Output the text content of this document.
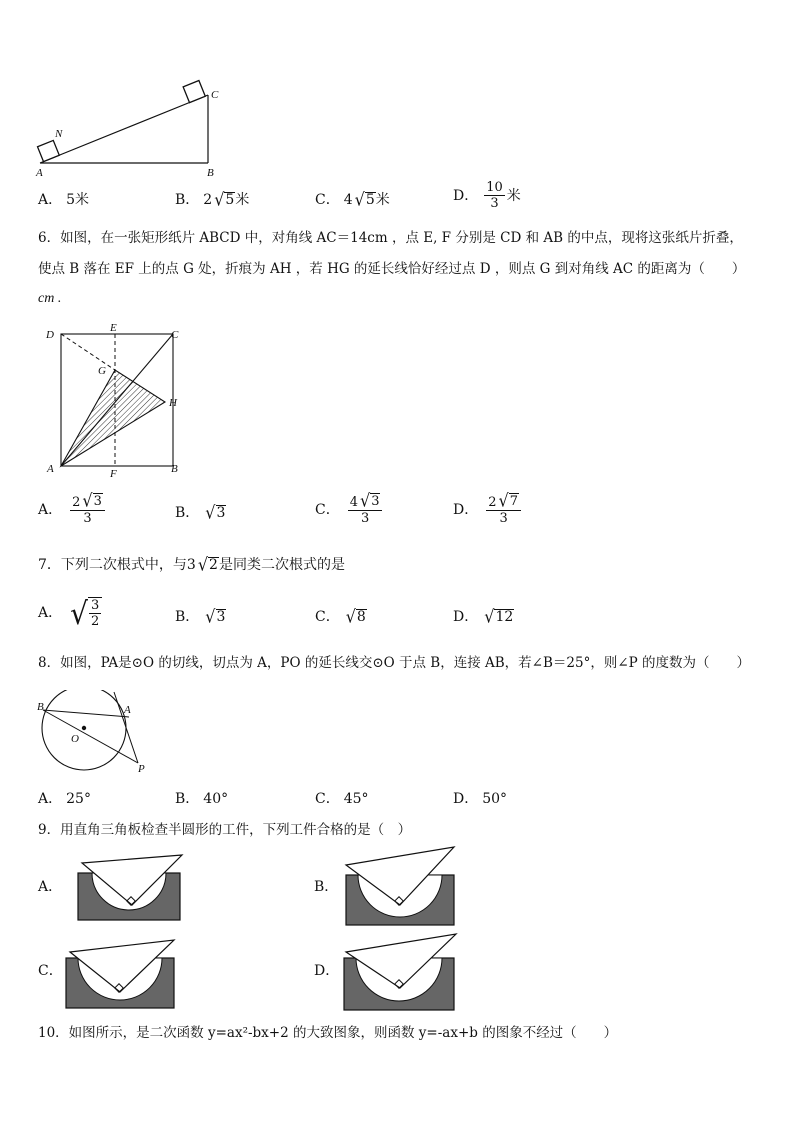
A	B
C
N
A． 5米	B． 2 √ 5 米	C． 4 √ 5 米	D． $\frac{10}{3}$ 米
6．如图，在一张矩形纸片 ABCD 中，对角线 AC＝14cm ，点 E, F 分别是 CD 和 AB 的中点，现将这张纸片折叠，
使点 B 落在 EF 上的点 G 处，折痕为 AH ，若 HG 的延长线恰好经过点 D ，则点 G 到对角线 AC 的距离为（　　）
cm .
D
E
C
G
H
A	F	B
A． $\frac{2 √ 3}{3}$	B． √ 3	C． $\frac{4 √ 3}{3}$	D． $\frac{2 √ 7}{3}$
7．下列二次根式中，与 3 √ 2 是同类二次根式的是
A． √ $\frac{3}{2}$	B． √ 3	C． √ 8	D． √ 12
8．如图，PA是⊙O 的切线，切点为 A，PO 的延长线交⊙O 于点 B，连接 AB，若∠B＝25°，则∠P 的度数为（　　）
B	A
O
P
A． 25°	B． 40°	C． 45°	D． 50°
9．用直角三角板检查半圆形的工件，下列工件合格的是（　）
A．	B．
C．	D．
10．如图所示，是二次函数 y=ax²-bx+2 的大致图象，则函数 y=-ax+b 的图象不经过（　　）
